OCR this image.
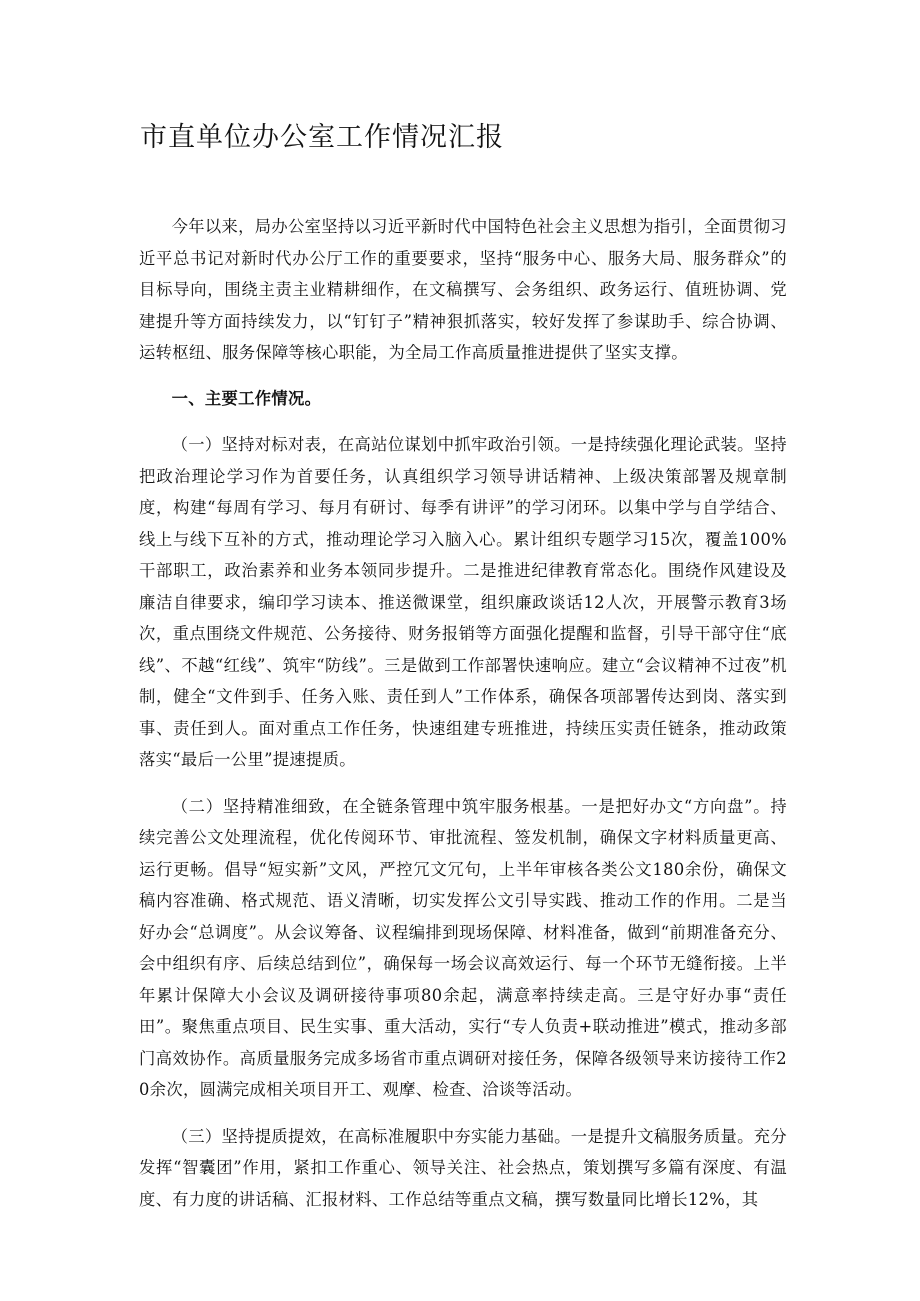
市直单位办公室工作情况汇报

今年以来，局办公室坚持以习近平新时代中国特色社会主义思想为指引，全面贯彻习近平总书记对新时代办公厅工作的重要要求，坚持“服务中心、服务大局、服务群众”的目标导向，围绕主责主业精耕细作，在文稿撰写、会务组织、政务运行、值班协调、党建提升等方面持续发力，以“钉钉子”精神狠抓落实，较好发挥了参谋助手、综合协调、运转枢纽、服务保障等核心职能，为全局工作高质量推进提供了坚实支撑。

一、主要工作情况。

（一）坚持对标对表，在高站位谋划中抓牢政治引领。一是持续强化理论武装。坚持把政治理论学习作为首要任务，认真组织学习领导讲话精神、上级决策部署及规章制度，构建“每周有学习、每月有研讨、每季有讲评”的学习闭环。以集中学与自学结合、线上与线下互补的方式，推动理论学习入脑入心。累计组织专题学习15次，覆盖100%干部职工，政治素养和业务本领同步提升。二是推进纪律教育常态化。围绕作风建设及廉洁自律要求，编印学习读本、推送微课堂，组织廉政谈话12人次，开展警示教育3场次，重点围绕文件规范、公务接待、财务报销等方面强化提醒和监督，引导干部守住“底线”、不越“红线”、筑牢“防线”。三是做到工作部署快速响应。建立“会议精神不过夜”机制，健全“文件到手、任务入账、责任到人”工作体系，确保各项部署传达到岗、落实到事、责任到人。面对重点工作任务，快速组建专班推进，持续压实责任链条，推动政策落实“最后一公里”提速提质。

（二）坚持精准细致，在全链条管理中筑牢服务根基。一是把好办文“方向盘”。持续完善公文处理流程，优化传阅环节、审批流程、签发机制，确保文字材料质量更高、运行更畅。倡导“短实新”文风，严控冗文冗句，上半年审核各类公文180余份，确保文稿内容准确、格式规范、语义清晰，切实发挥公文引导实践、推动工作的作用。二是当好办会“总调度”。从会议筹备、议程编排到现场保障、材料准备，做到“前期准备充分、会中组织有序、后续总结到位”，确保每一场会议高效运行、每一个环节无缝衔接。上半年累计保障大小会议及调研接待事项80余起，满意率持续走高。三是守好办事“责任田”。聚焦重点项目、民生实事、重大活动，实行“专人负责+联动推进”模式，推动多部门高效协作。高质量服务完成多场省市重点调研对接任务，保障各级领导来访接待工作20余次，圆满完成相关项目开工、观摩、检查、洽谈等活动。

（三）坚持提质提效，在高标准履职中夯实能力基础。一是提升文稿服务质量。充分发挥“智囊团”作用，紧扣工作重心、领导关注、社会热点，策划撰写多篇有深度、有温度、有力度的讲话稿、汇报材料、工作总结等重点文稿，撰写数量同比增长12%，其
